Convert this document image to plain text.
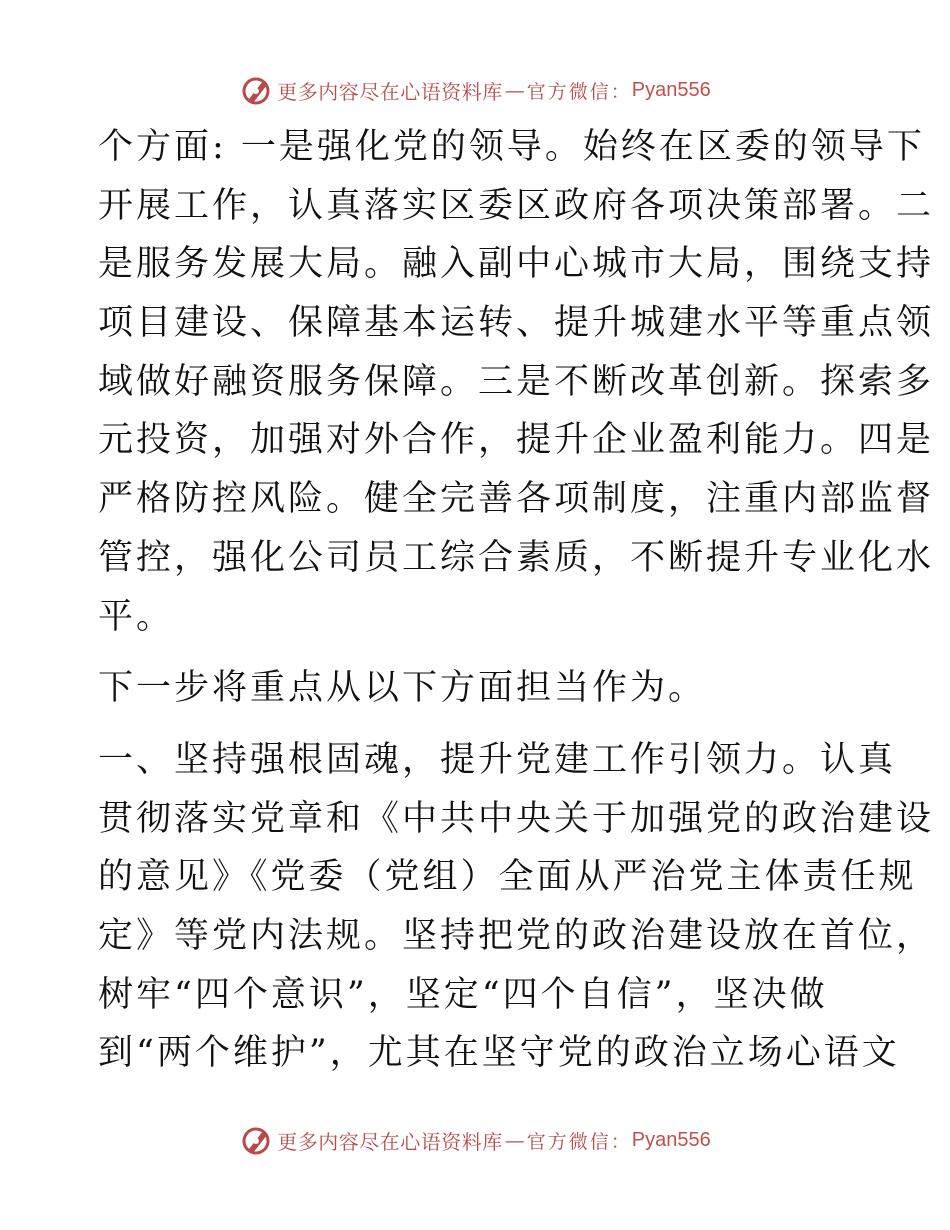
更多内容尽在心语资料库 — 官方微信： Pyan556
个方面: 一是强化党的领导。始终在区委的领导下
开展工作，认真落实区委区政府各项决策部署。二
是服务发展大局。融入副中心城市大局，围绕支持
项目建设、保障基本运转、提升城建水平等重点领
域做好融资服务保障。三是不断改革创新。探索多
元投资，加强对外合作，提升企业盈利能力。四是
严格防控风险。健全完善各项制度，注重内部监督
管控，强化公司员工综合素质，不断提升专业化水
平。
下一步将重点从以下方面担当作为。
一、坚持强根固魂，提升党建工作引领力。认真
贯彻落实党章和《中共中央关于加强党的政治建设
的意见》《党委（党组）全面从严治党主体责任规
定》等党内法规。坚持把党的政治建设放在首位，
树牢“四个意识”，坚定“四个自信”，坚决做
到“两个维护”，尤其在坚守党的政治立场心语文
更多内容尽在心语资料库 — 官方微信： Pyan556
